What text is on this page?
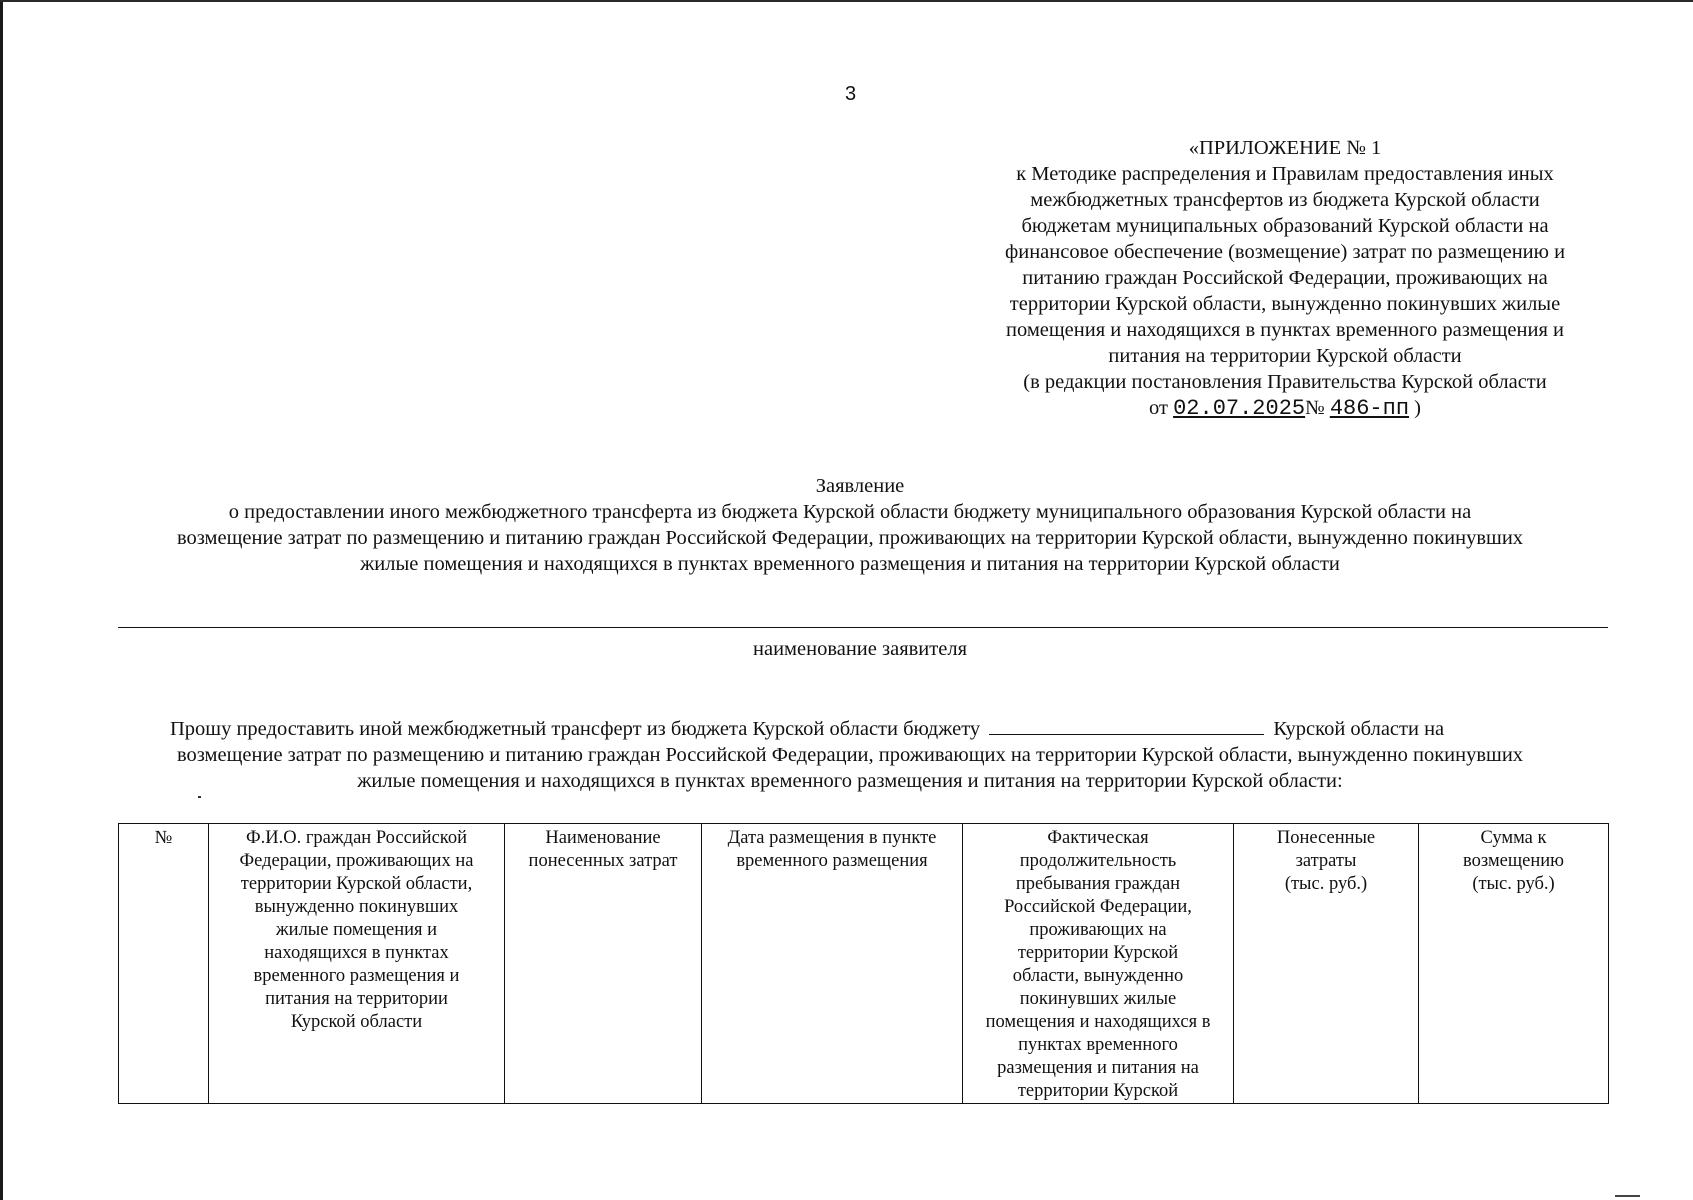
3
«ПРИЛОЖЕНИЕ № 1
к Методике распределения и Правилам предоставления иных
межбюджетных трансфертов из бюджета Курской области
бюджетам муниципальных образований Курской области на
финансовое обеспечение (возмещение) затрат по размещению и
питанию граждан Российской Федерации, проживающих на
территории Курской области, вынужденно покинувших жилые
помещения и находящихся в пунктах временного размещения и
питания на территории Курской области
(в редакции постановления Правительства Курской области
от 02.07.2025№ 486-пп )
Заявление
о предоставлении иного межбюджетного трансферта из бюджета Курской области бюджету муниципального образования Курской области на
возмещение затрат по размещению и питанию граждан Российской Федерации, проживающих на территории Курской области, вынужденно покинувших
жилые помещения и находящихся в пунктах временного размещения и питания на территории Курской области
наименование заявителя
Прошу предоставить иной межбюджетный трансферт из бюджета Курской области бюджету	Курской области на
возмещение затрат по размещению и питанию граждан Российской Федерации, проживающих на территории Курской области, вынужденно покинувших
жилые помещения и находящихся в пунктах временного размещения и питания на территории Курской области:
№	Ф.И.О. граждан Российской
Федерации, проживающих на
территории Курской области,
вынужденно покинувших
жилые помещения и
находящихся в пунктах
временного размещения и
питания на территории
Курской области	Наименование
понесенных затрат	Дата размещения в пункте
временного размещения	Фактическая
продолжительность
пребывания граждан
Российской Федерации,
проживающих на
территории Курской
области, вынужденно
покинувших жилые
помещения и находящихся в
пунктах временного
размещения и питания на
территории Курской	Понесенные
затраты
(тыс. руб.)	Сумма к
возмещению
(тыс. руб.)
